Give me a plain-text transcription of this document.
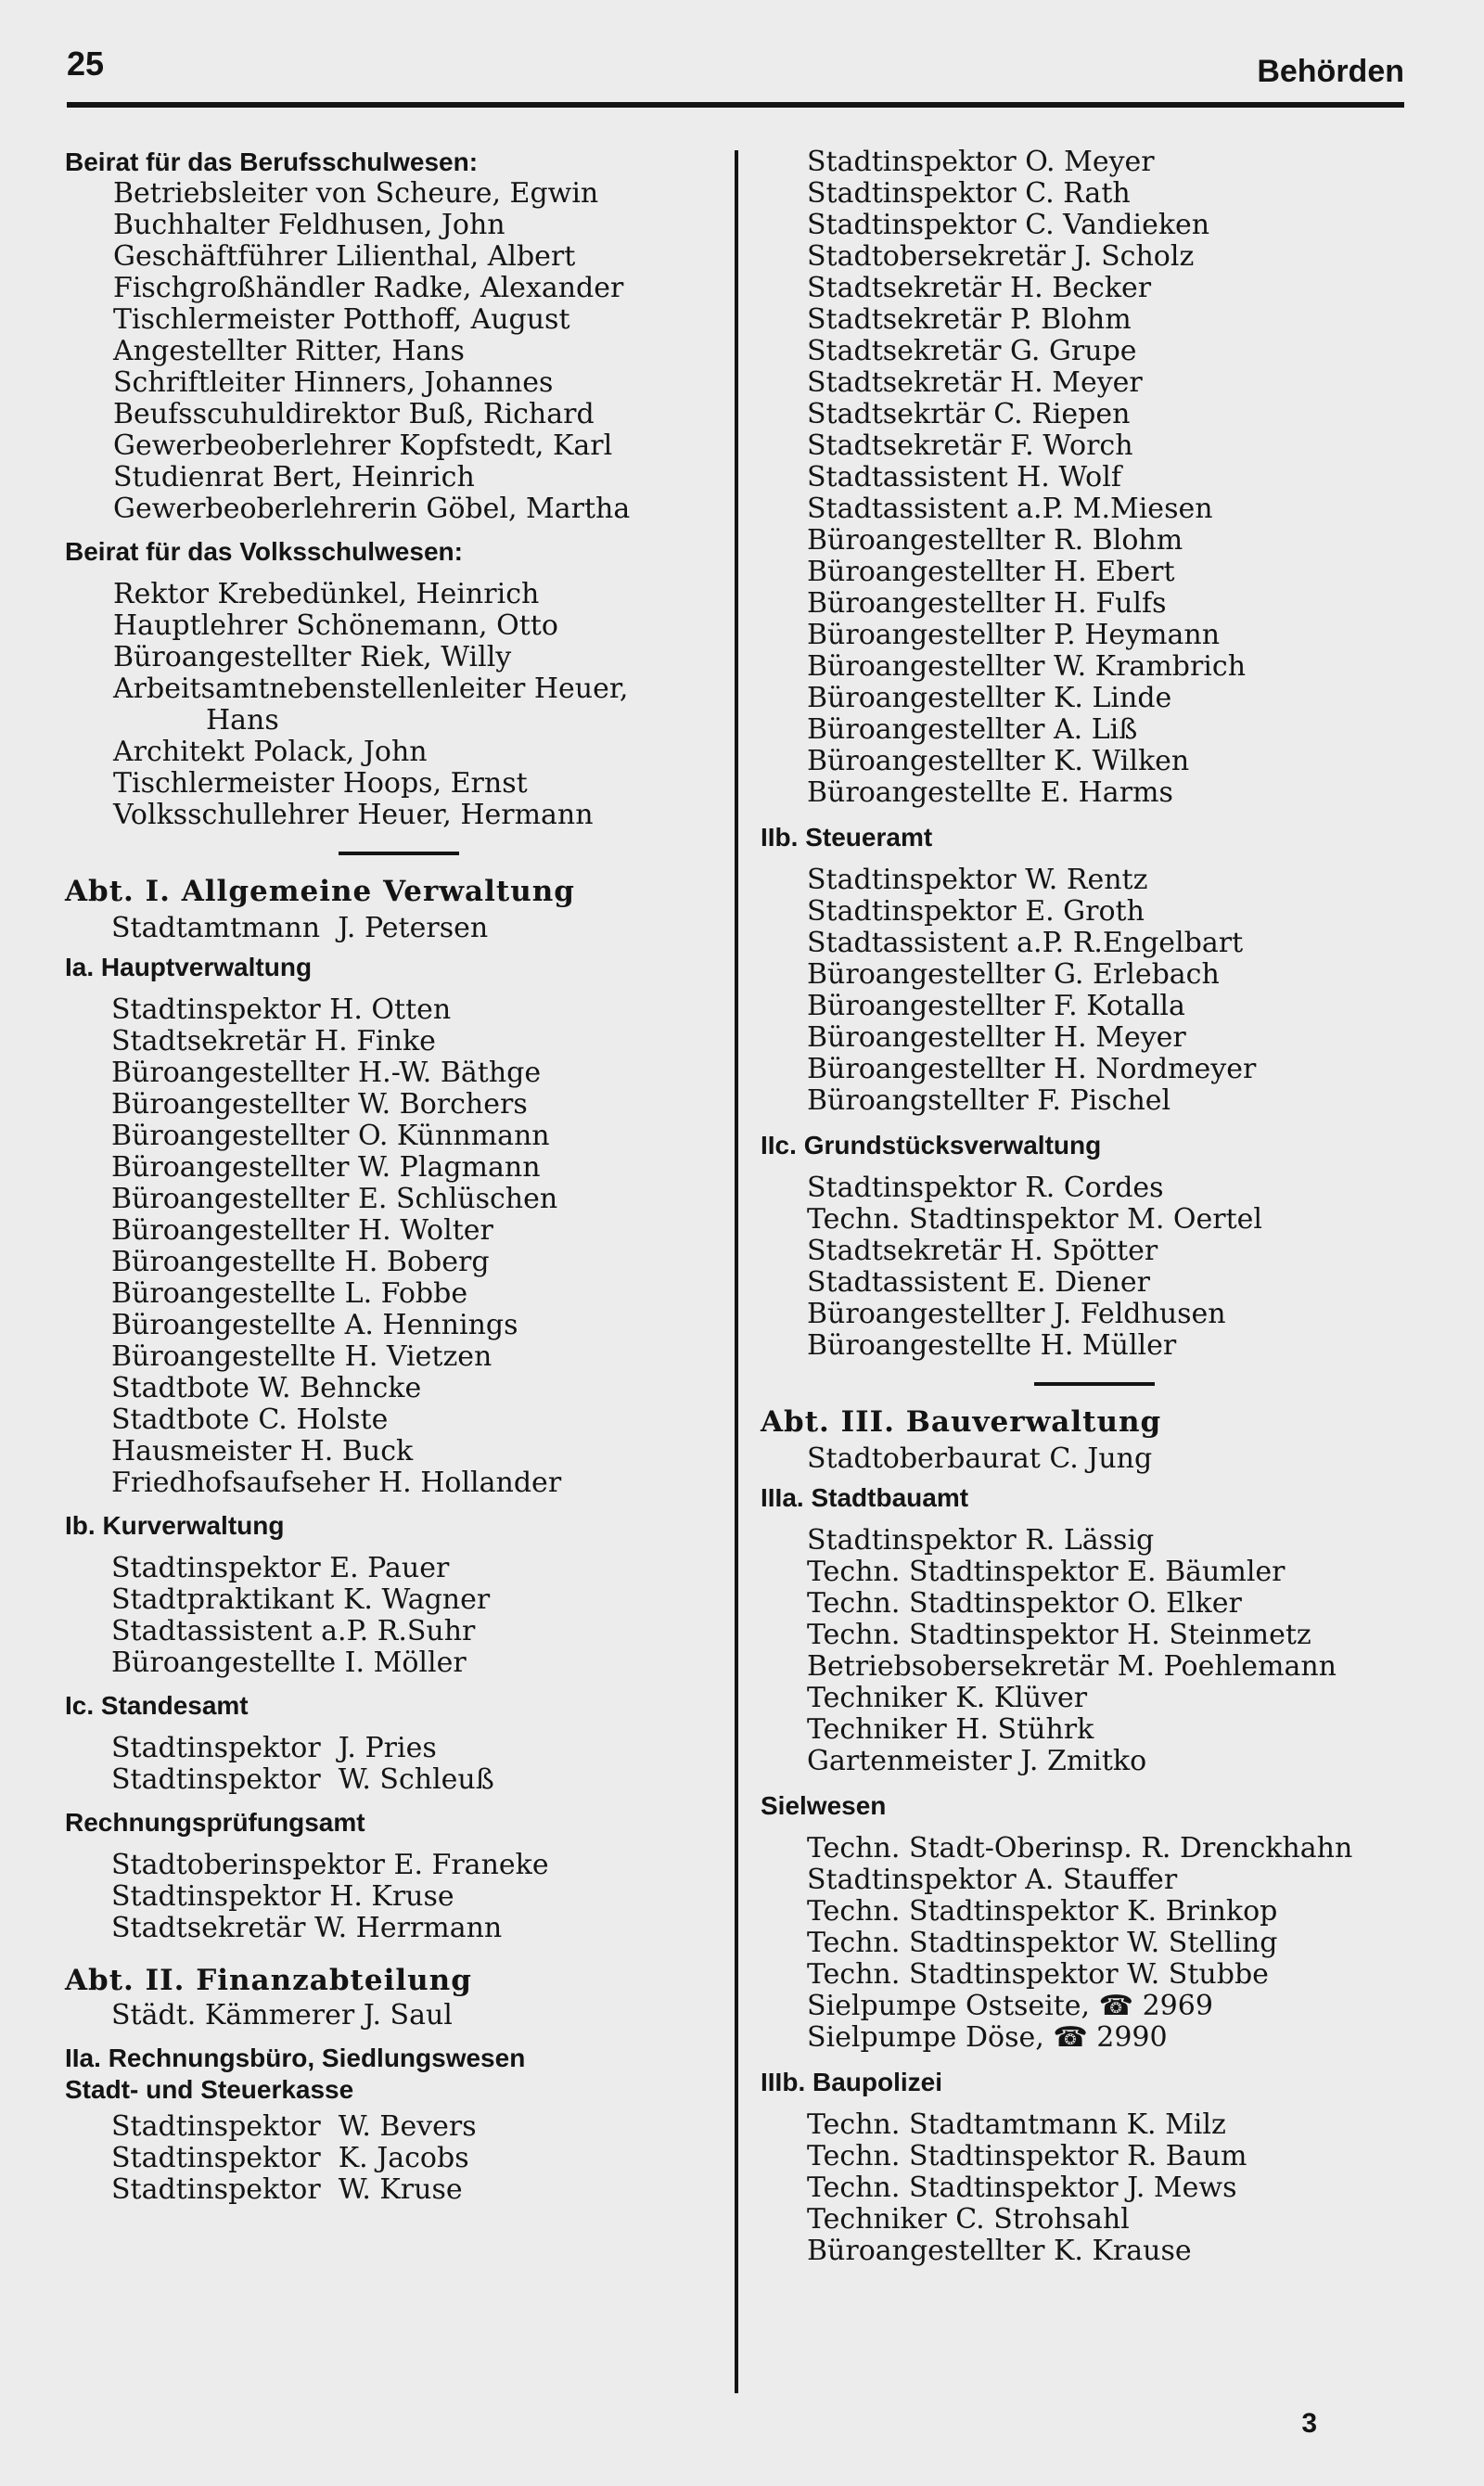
25	Behörden
Beirat für das Berufsschulwesen:
Betriebsleiter von Scheure, Egwin
Buchhalter Feldhusen, John
Geschäftführer Lilienthal, Albert
Fischgroßhändler Radke, Alexander
Tischlermeister Potthoff, August
Angestellter Ritter, Hans
Schriftleiter Hinners, Johannes
Beufsscuhuldirektor Buß, Richard
Gewerbeoberlehrer Kopfstedt, Karl
Studienrat Bert, Heinrich
Gewerbeoberlehrerin Göbel, Martha
Beirat für das Volksschulwesen:
Rektor Krebedünkel, Heinrich
Hauptlehrer Schönemann, Otto
Büroangestellter Riek, Willy
Arbeitsamtnebenstellenleiter Heuer,
Hans
Architekt Polack, John
Tischlermeister Hoops, Ernst
Volksschullehrer Heuer, Hermann
Abt. I. Allgemeine Verwaltung
Stadtamtmann  J. Petersen
Ia. Hauptverwaltung
Stadtinspektor H. Otten
Stadtsekretär H. Finke
Büroangestellter H.-W. Bäthge
Büroangestellter W. Borchers
Büroangestellter O. Künnmann
Büroangestellter W. Plagmann
Büroangestellter E. Schlüschen
Büroangestellter H. Wolter
Büroangestellte H. Boberg
Büroangestellte L. Fobbe
Büroangestellte A. Hennings
Büroangestellte H. Vietzen
Stadtbote W. Behncke
Stadtbote C. Holste
Hausmeister H. Buck
Friedhofsaufseher H. Hollander
Ib. Kurverwaltung
Stadtinspektor E. Pauer
Stadtpraktikant K. Wagner
Stadtassistent a.P. R.Suhr
Büroangestellte I. Möller
Ic. Standesamt
Stadtinspektor  J. Pries
Stadtinspektor  W. Schleuß
Rechnungsprüfungsamt
Stadtoberinspektor E. Franeke
Stadtinspektor H. Kruse
Stadtsekretär W. Herrmann
Abt. II. Finanzabteilung
Städt. Kämmerer J. Saul
IIa. Rechnungsbüro, Siedlungswesen
Stadt- und Steuerkasse
Stadtinspektor  W. Bevers
Stadtinspektor  K. Jacobs
Stadtinspektor  W. Kruse
Stadtinspektor O. Meyer
Stadtinspektor C. Rath
Stadtinspektor C. Vandieken
Stadtobersekretär J. Scholz
Stadtsekretär H. Becker
Stadtsekretär P. Blohm
Stadtsekretär G. Grupe
Stadtsekretär H. Meyer
Stadtsekrtär C. Riepen
Stadtsekretär F. Worch
Stadtassistent H. Wolf
Stadtassistent a.P. M.Miesen
Büroangestellter R. Blohm
Büroangestellter H. Ebert
Büroangestellter H. Fulfs
Büroangestellter P. Heymann
Büroangestellter W. Krambrich
Büroangestellter K. Linde
Büroangestellter A. Liß
Büroangestellter K. Wilken
Büroangestellte E. Harms
IIb. Steueramt
Stadtinspektor W. Rentz
Stadtinspektor E. Groth
Stadtassistent a.P. R.Engelbart
Büroangestellter G. Erlebach
Büroangestellter F. Kotalla
Büroangestellter H. Meyer
Büroangestellter H. Nordmeyer
Büroangstellter F. Pischel
IIc. Grundstücksverwaltung
Stadtinspektor R. Cordes
Techn. Stadtinspektor M. Oertel
Stadtsekretär H. Spötter
Stadtassistent E. Diener
Büroangestellter J. Feldhusen
Büroangestellte H. Müller
Abt. III. Bauverwaltung
Stadtoberbaurat C. Jung
IIIa. Stadtbauamt
Stadtinspektor R. Lässig
Techn. Stadtinspektor E. Bäumler
Techn. Stadtinspektor O. Elker
Techn. Stadtinspektor H. Steinmetz
Betriebsobersekretär M. Poehlemann
Techniker K. Klüver
Techniker H. Stührk
Gartenmeister J. Zmitko
Sielwesen
Techn. Stadt-Oberinsp. R. Drenckhahn
Stadtinspektor A. Stauffer
Techn. Stadtinspektor K. Brinkop
Techn. Stadtinspektor W. Stelling
Techn. Stadtinspektor W. Stubbe
Sielpumpe Ostseite, ☎ 2969
Sielpumpe Döse, ☎ 2990
IIIb. Baupolizei
Techn. Stadtamtmann K. Milz
Techn. Stadtinspektor R. Baum
Techn. Stadtinspektor J. Mews
Techniker C. Strohsahl
Büroangestellter K. Krause
3
